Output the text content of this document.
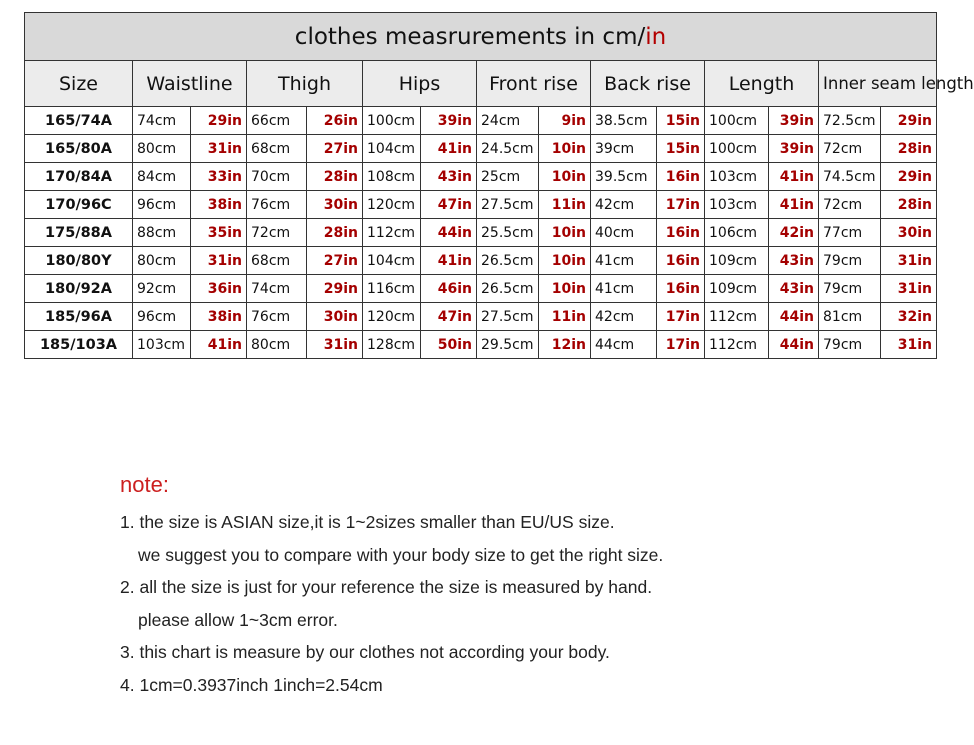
clothes measrurements in cm/in														
Size	Waistline		Thigh		Hips		Front rise		Back rise		Length		Inner seam length	
165/74A	74cm	29in	66cm	26in	100cm	39in	24cm	9in	38.5cm	15in	100cm	39in	72.5cm	29in
165/80A	80cm	31in	68cm	27in	104cm	41in	24.5cm	10in	39cm	15in	100cm	39in	72cm	28in
170/84A	84cm	33in	70cm	28in	108cm	43in	25cm	10in	39.5cm	16in	103cm	41in	74.5cm	29in
170/96C	96cm	38in	76cm	30in	120cm	47in	27.5cm	11in	42cm	17in	103cm	41in	72cm	28in
175/88A	88cm	35in	72cm	28in	112cm	44in	25.5cm	10in	40cm	16in	106cm	42in	77cm	30in
180/80Y	80cm	31in	68cm	27in	104cm	41in	26.5cm	10in	41cm	16in	109cm	43in	79cm	31in
180/92A	92cm	36in	74cm	29in	116cm	46in	26.5cm	10in	41cm	16in	109cm	43in	79cm	31in
185/96A	96cm	38in	76cm	30in	120cm	47in	27.5cm	11in	42cm	17in	112cm	44in	81cm	32in
185/103A	103cm	41in	80cm	31in	128cm	50in	29.5cm	12in	44cm	17in	112cm	44in	79cm	31in
note:
1. the size is ASIAN size,it is 1~2sizes smaller than EU/US size.
we suggest you to compare with your body size to get the right size.
2. all the size is just for your reference the size is measured by hand.
please allow 1~3cm error.
3. this chart is measure by our clothes not according your body.
4. 1cm=0.3937inch 1inch=2.54cm
